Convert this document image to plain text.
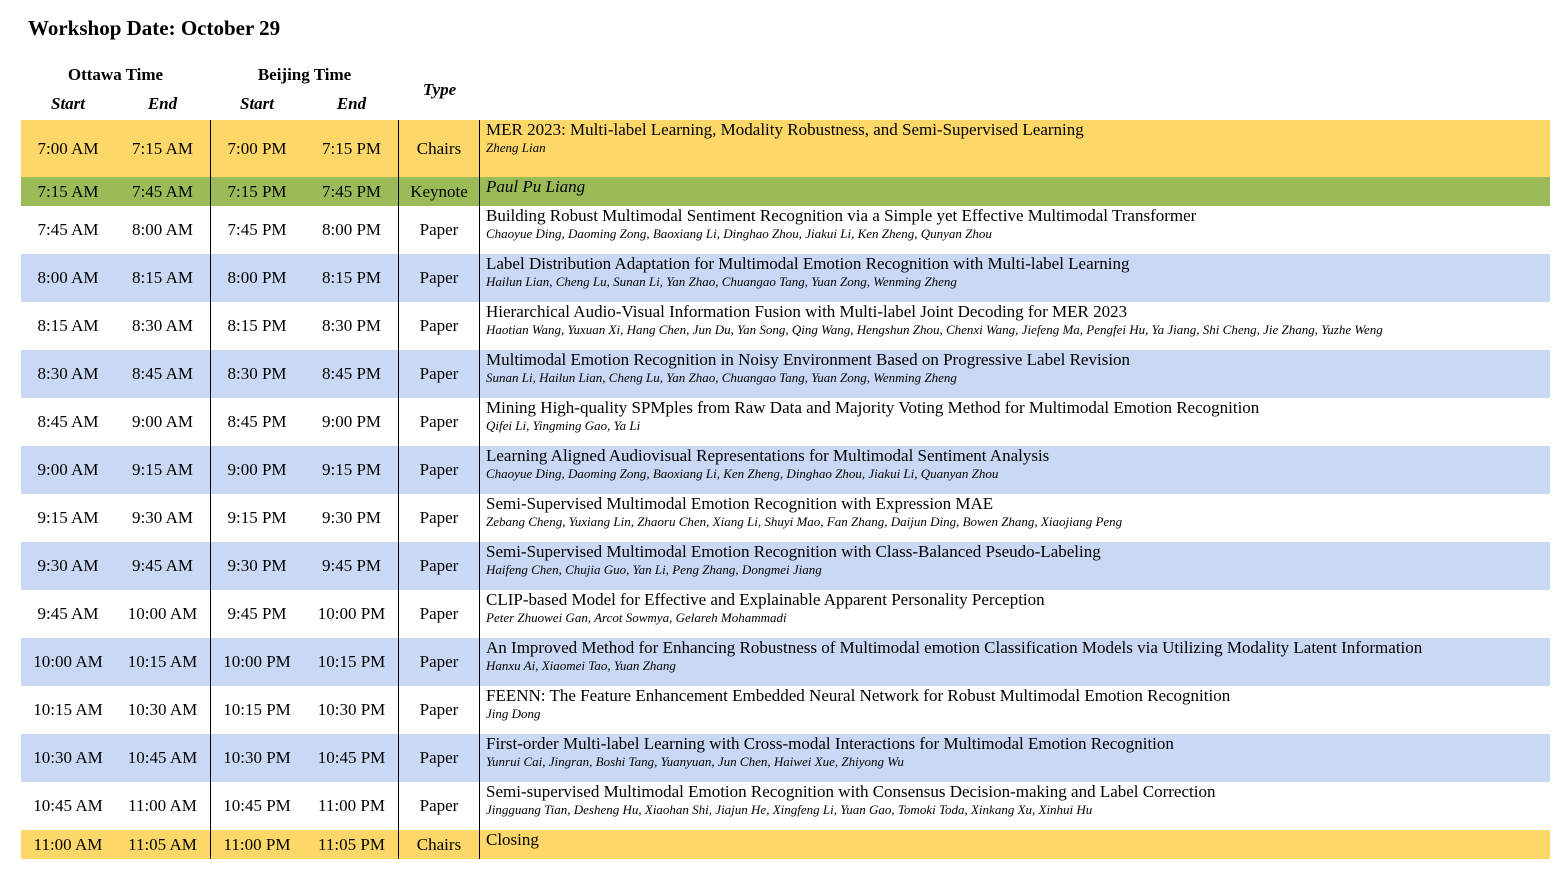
Workshop Date: October 29
Ottawa Time	Beijing Time
Start	End	Start	End
Type
7:00 AM	7:15 AM	7:00 PM	7:15 PM	Chairs
MER 2023: Multi-label Learning, Modality Robustness, and Semi-Supervised Learning
Zheng Lian
7:15 AM	7:45 AM	7:15 PM	7:45 PM	Keynote	Paul Pu Liang
7:45 AM	8:00 AM	7:45 PM	8:00 PM	Paper
Building Robust Multimodal Sentiment Recognition via a Simple yet Effective Multimodal Transformer
Chaoyue Ding, Daoming Zong, Baoxiang Li, Dinghao Zhou, Jiakui Li, Ken Zheng, Qunyan Zhou
8:00 AM	8:15 AM	8:00 PM	8:15 PM	Paper
Label Distribution Adaptation for Multimodal Emotion Recognition with Multi-label Learning
Hailun Lian, Cheng Lu, Sunan Li, Yan Zhao, Chuangao Tang, Yuan Zong, Wenming Zheng
8:15 AM	8:30 AM	8:15 PM	8:30 PM	Paper
Hierarchical Audio-Visual Information Fusion with Multi-label Joint Decoding for MER 2023
Haotian Wang, Yuxuan Xi, Hang Chen, Jun Du, Yan Song, Qing Wang, Hengshun Zhou, Chenxi Wang, Jiefeng Ma, Pengfei Hu, Ya Jiang, Shi Cheng, Jie Zhang, Yuzhe Weng
8:30 AM	8:45 AM	8:30 PM	8:45 PM	Paper
Multimodal Emotion Recognition in Noisy Environment Based on Progressive Label Revision
Sunan Li, Hailun Lian, Cheng Lu, Yan Zhao, Chuangao Tang, Yuan Zong, Wenming Zheng
8:45 AM	9:00 AM	8:45 PM	9:00 PM	Paper
Mining High-quality SPMples from Raw Data and Majority Voting Method for Multimodal Emotion Recognition
Qifei Li, Yingming Gao, Ya Li
9:00 AM	9:15 AM	9:00 PM	9:15 PM	Paper
Learning Aligned Audiovisual Representations for Multimodal Sentiment Analysis
Chaoyue Ding, Daoming Zong, Baoxiang Li, Ken Zheng, Dinghao Zhou, Jiakui Li, Quanyan Zhou
9:15 AM	9:30 AM	9:15 PM	9:30 PM	Paper
Semi-Supervised Multimodal Emotion Recognition with Expression MAE
Zebang Cheng, Yuxiang Lin, Zhaoru Chen, Xiang Li, Shuyi Mao, Fan Zhang, Daijun Ding, Bowen Zhang, Xiaojiang Peng
9:30 AM	9:45 AM	9:30 PM	9:45 PM	Paper
Semi-Supervised Multimodal Emotion Recognition with Class-Balanced Pseudo-Labeling
Haifeng Chen, Chujia Guo, Yan Li, Peng Zhang, Dongmei Jiang
9:45 AM	10:00 AM	9:45 PM	10:00 PM	Paper
CLIP-based Model for Effective and Explainable Apparent Personality Perception
Peter Zhuowei Gan, Arcot Sowmya, Gelareh Mohammadi
10:00 AM	10:15 AM	10:00 PM	10:15 PM	Paper
An Improved Method for Enhancing Robustness of Multimodal emotion Classification Models via Utilizing Modality Latent Information
Hanxu Ai, Xiaomei Tao, Yuan Zhang
10:15 AM	10:30 AM	10:15 PM	10:30 PM	Paper
FEENN: The Feature Enhancement Embedded Neural Network for Robust Multimodal Emotion Recognition
Jing Dong
10:30 AM	10:45 AM	10:30 PM	10:45 PM	Paper
First-order Multi-label Learning with Cross-modal Interactions for Multimodal Emotion Recognition
Yunrui Cai, Jingran, Boshi Tang, Yuanyuan, Jun Chen, Haiwei Xue, Zhiyong Wu
10:45 AM	11:00 AM	10:45 PM	11:00 PM	Paper
Semi-supervised Multimodal Emotion Recognition with Consensus Decision-making and Label Correction
Jingguang Tian, Desheng Hu, Xiaohan Shi, Jiajun He, Xingfeng Li, Yuan Gao, Tomoki Toda, Xinkang Xu, Xinhui Hu
11:00 AM	11:05 AM	11:00 PM	11:05 PM	Chairs	Closing
